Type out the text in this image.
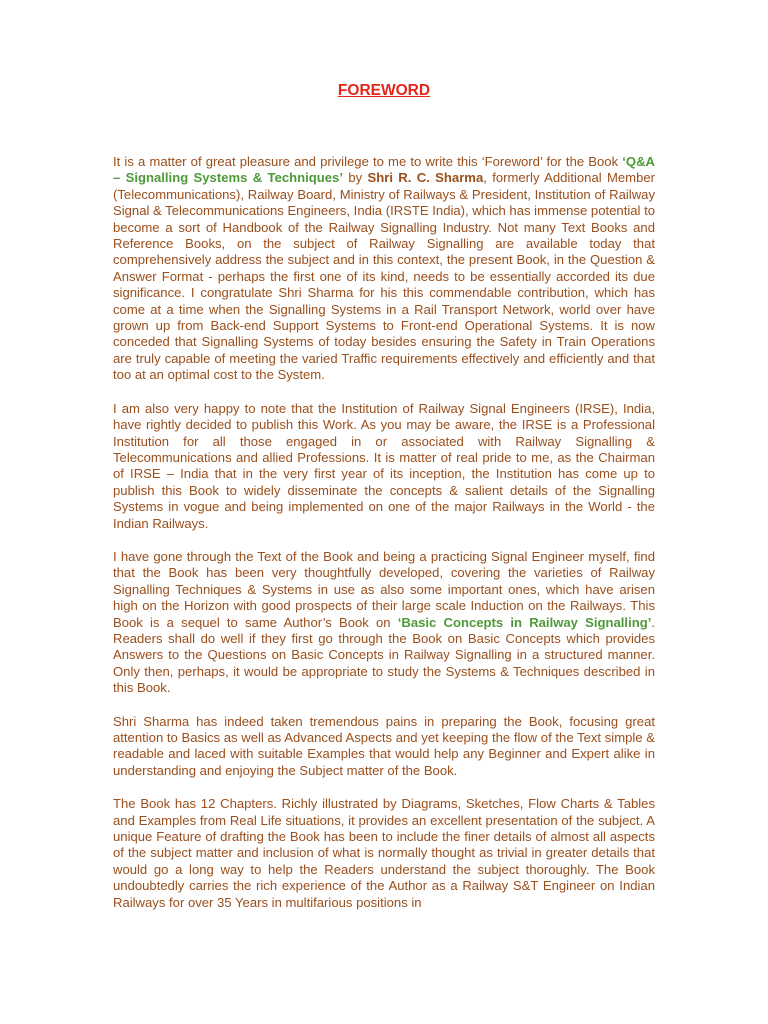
FOREWORD

It is a matter of great pleasure and privilege to me to write this ‘Foreword’ for the Book ‘Q&A – Signalling Systems & Techniques’ by Shri R. C. Sharma, formerly Additional Member (Telecommunications), Railway Board, Ministry of Railways & President, Institution of Railway Signal & Telecommunications Engineers, India (IRSTE India), which has immense potential to become a sort of Handbook of the Railway Signalling Industry. Not many Text Books and Reference Books, on the subject of Railway Signalling are available today that comprehensively address the subject and in this context, the present Book, in the Question & Answer Format - perhaps the first one of its kind, needs to be essentially accorded its due significance. I congratulate Shri Sharma for his this commendable contribution, which has come at a time when the Signalling Systems in a Rail Transport Network, world over have grown up from Back-end Support Systems to Front-end Operational Systems. It is now conceded that Signalling Systems of today besides ensuring the Safety in Train Operations are truly capable of meeting the varied Traffic requirements effectively and efficiently and that too at an optimal cost to the System.

I am also very happy to note that the Institution of Railway Signal Engineers (IRSE), India, have rightly decided to publish this Work. As you may be aware, the IRSE is a Professional Institution for all those engaged in or associated with Railway Signalling & Telecommunications and allied Professions. It is matter of real pride to me, as the Chairman of IRSE – India that in the very first year of its inception, the Institution has come up to publish this Book to widely disseminate the concepts & salient details of the Signalling Systems in vogue and being implemented on one of the major Railways in the World - the Indian Railways.

I have gone through the Text of the Book and being a practicing Signal Engineer myself, find that the Book has been very thoughtfully developed, covering the varieties of Railway Signalling Techniques & Systems in use as also some important ones, which have arisen high on the Horizon with good prospects of their large scale Induction on the Railways. This Book is a sequel to same Author’s Book on ‘Basic Concepts in Railway Signalling’. Readers shall do well if they first go through the Book on Basic Concepts which provides Answers to the Questions on Basic Concepts in Railway Signalling in a structured manner. Only then, perhaps, it would be appropriate to study the Systems & Techniques described in this Book.

Shri Sharma has indeed taken tremendous pains in preparing the Book, focusing great attention to Basics as well as Advanced Aspects and yet keeping the flow of the Text simple & readable and laced with suitable Examples that would help any Beginner and Expert alike in understanding and enjoying the Subject matter of the Book.

The Book has 12 Chapters. Richly illustrated by Diagrams, Sketches, Flow Charts & Tables and Examples from Real Life situations, it provides an excellent presentation of the subject. A unique Feature of drafting the Book has been to include the finer details of almost all aspects of the subject matter and inclusion of what is normally thought as trivial in greater details that would go a long way to help the Readers understand the subject thoroughly. The Book undoubtedly carries the rich experience of the Author as a Railway S&T Engineer on Indian Railways for over 35 Years in multifarious positions in
